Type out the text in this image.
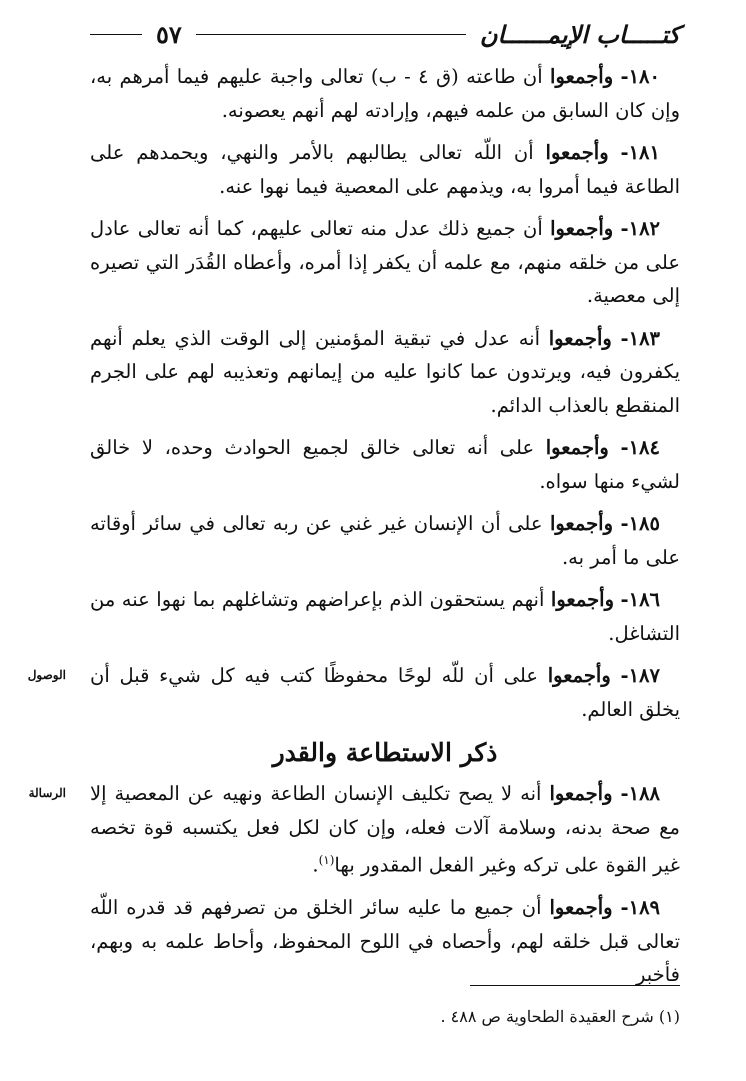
كتـــــاب الإيمــــــان
٥٧

١٨٠- وأجمعوا أن طاعته (ق ٤ - ب) تعالى واجبة عليهم فيما أمرهم به، وإن كان السابق من علمه فيهم، وإرادته لهم أنهم يعصونه.

١٨١- وأجمعوا أن اللّه تعالى يطالبهم بالأمر والنهي، ويحمدهم على الطاعة فيما أمروا به، ويذمهم على المعصية فيما نهوا عنه.

١٨٢- وأجمعوا أن جميع ذلك عدل منه تعالى عليهم، كما أنه تعالى عادل على من خلقه منهم، مع علمه أن يكفر إذا أمره، وأعطاه القُدَر التي تصيره إلى معصية.

١٨٣- وأجمعوا أنه عدل في تبقية المؤمنين إلى الوقت الذي يعلم أنهم يكفرون فيه، ويرتدون عما كانوا عليه من إيمانهم وتعذيبه لهم على الجرم المنقطع بالعذاب الدائم.

١٨٤- وأجمعوا على أنه تعالى خالق لجميع الحوادث وحده، لا خالق لشيء منها سواه.

١٨٥- وأجمعوا على أن الإنسان غير غني عن ربه تعالى في سائر أوقاته على ما أمر به.

١٨٦- وأجمعوا أنهم يستحقون الذم بإعراضهم وتشاغلهم بما نهوا عنه من التشاغل.

١٨٧- وأجمعوا على أن للّه لوحًا محفوظًا كتب فيه كل شيء قبل أن يخلق العالم.
الوصول

ذكر الاستطاعة والقدر

١٨٨- وأجمعوا أنه لا يصح تكليف الإنسان الطاعة ونهيه عن المعصية إلا مع صحة بدنه، وسلامة آلات فعله، وإن كان لكل فعل يكتسبه قوة تخصه غير القوة على تركه وغير الفعل المقدور بها$^{(١)}$.
الرسالة

١٨٩- وأجمعوا أن جميع ما عليه سائر الخلق من تصرفهم قد قدره اللّه تعالى قبل خلقه لهم، وأحصاه في اللوح المحفوظ، وأحاط علمه به وبهم، فأخبر

(١) شرح العقيدة الطحاوية ص ٤٨٨ .
